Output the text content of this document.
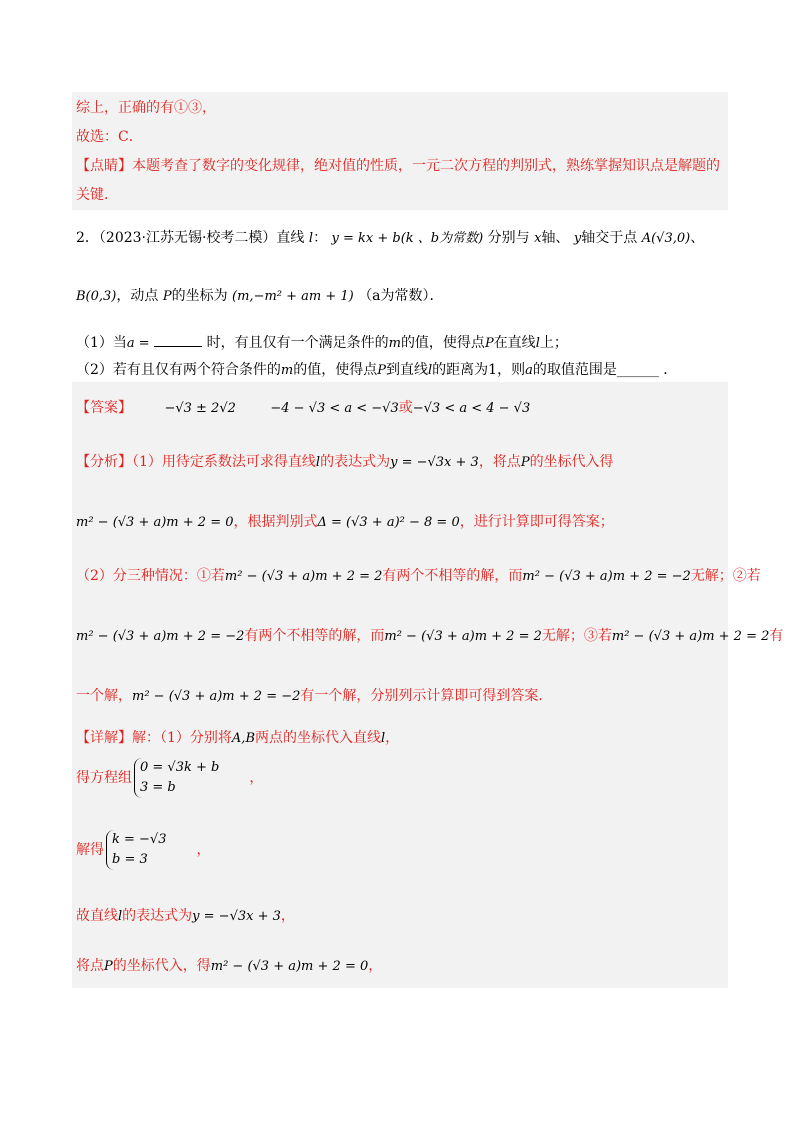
综上，正确的有①③，
故选：C．
【点睛】本题考查了数字的变化规律，绝对值的性质，一元二次方程的判别式，熟练掌握知识点是解题的
关键．
2．（2023·江苏无锡·校考二模）直线 l： y = kx + b(k 、b为常数) 分别与 x轴、 y轴交于点 A(√3,0)、
B(0,3)，动点 P的坐标为 (m,−m² + am + 1) （a为常数）．
（1）当a =	时，有且仅有一个满足条件的m的值，使得点P在直线l上；
（2）若有且仅有两个符合条件的m的值，使得点P到直线l的距离为1，则a的取值范围是______ ．
【答案】 −√3 ± 2√2	−4 − √3 < a < −√3或−√3 < a < 4 − √3
【分析】（1）用待定系数法可求得直线l的表达式为y = −√3x + 3，将点P的坐标代入得
m² − (√3 + a)m + 2 = 0，根据判别式Δ = (√3 + a)² − 8 = 0，进行计算即可得答案；
（2）分三种情况：①若m² − (√3 + a)m + 2 = 2有两个不相等的解，而m² − (√3 + a)m + 2 = −2无解；②若
m² − (√3 + a)m + 2 = −2有两个不相等的解，而m² − (√3 + a)m + 2 = 2无解；③若m² − (√3 + a)m + 2 = 2有
一个解，m² − (√3 + a)m + 2 = −2有一个解，分别列示计算即可得到答案．
【详解】解：（1）分别将A,B两点的坐标代入直线l，
得方程组
0 = √3k + b
3 = b
，
解得
k = −√3
b = 3
，
故直线l的表达式为y = −√3x + 3，
将点P的坐标代入，得m² − (√3 + a)m + 2 = 0，
